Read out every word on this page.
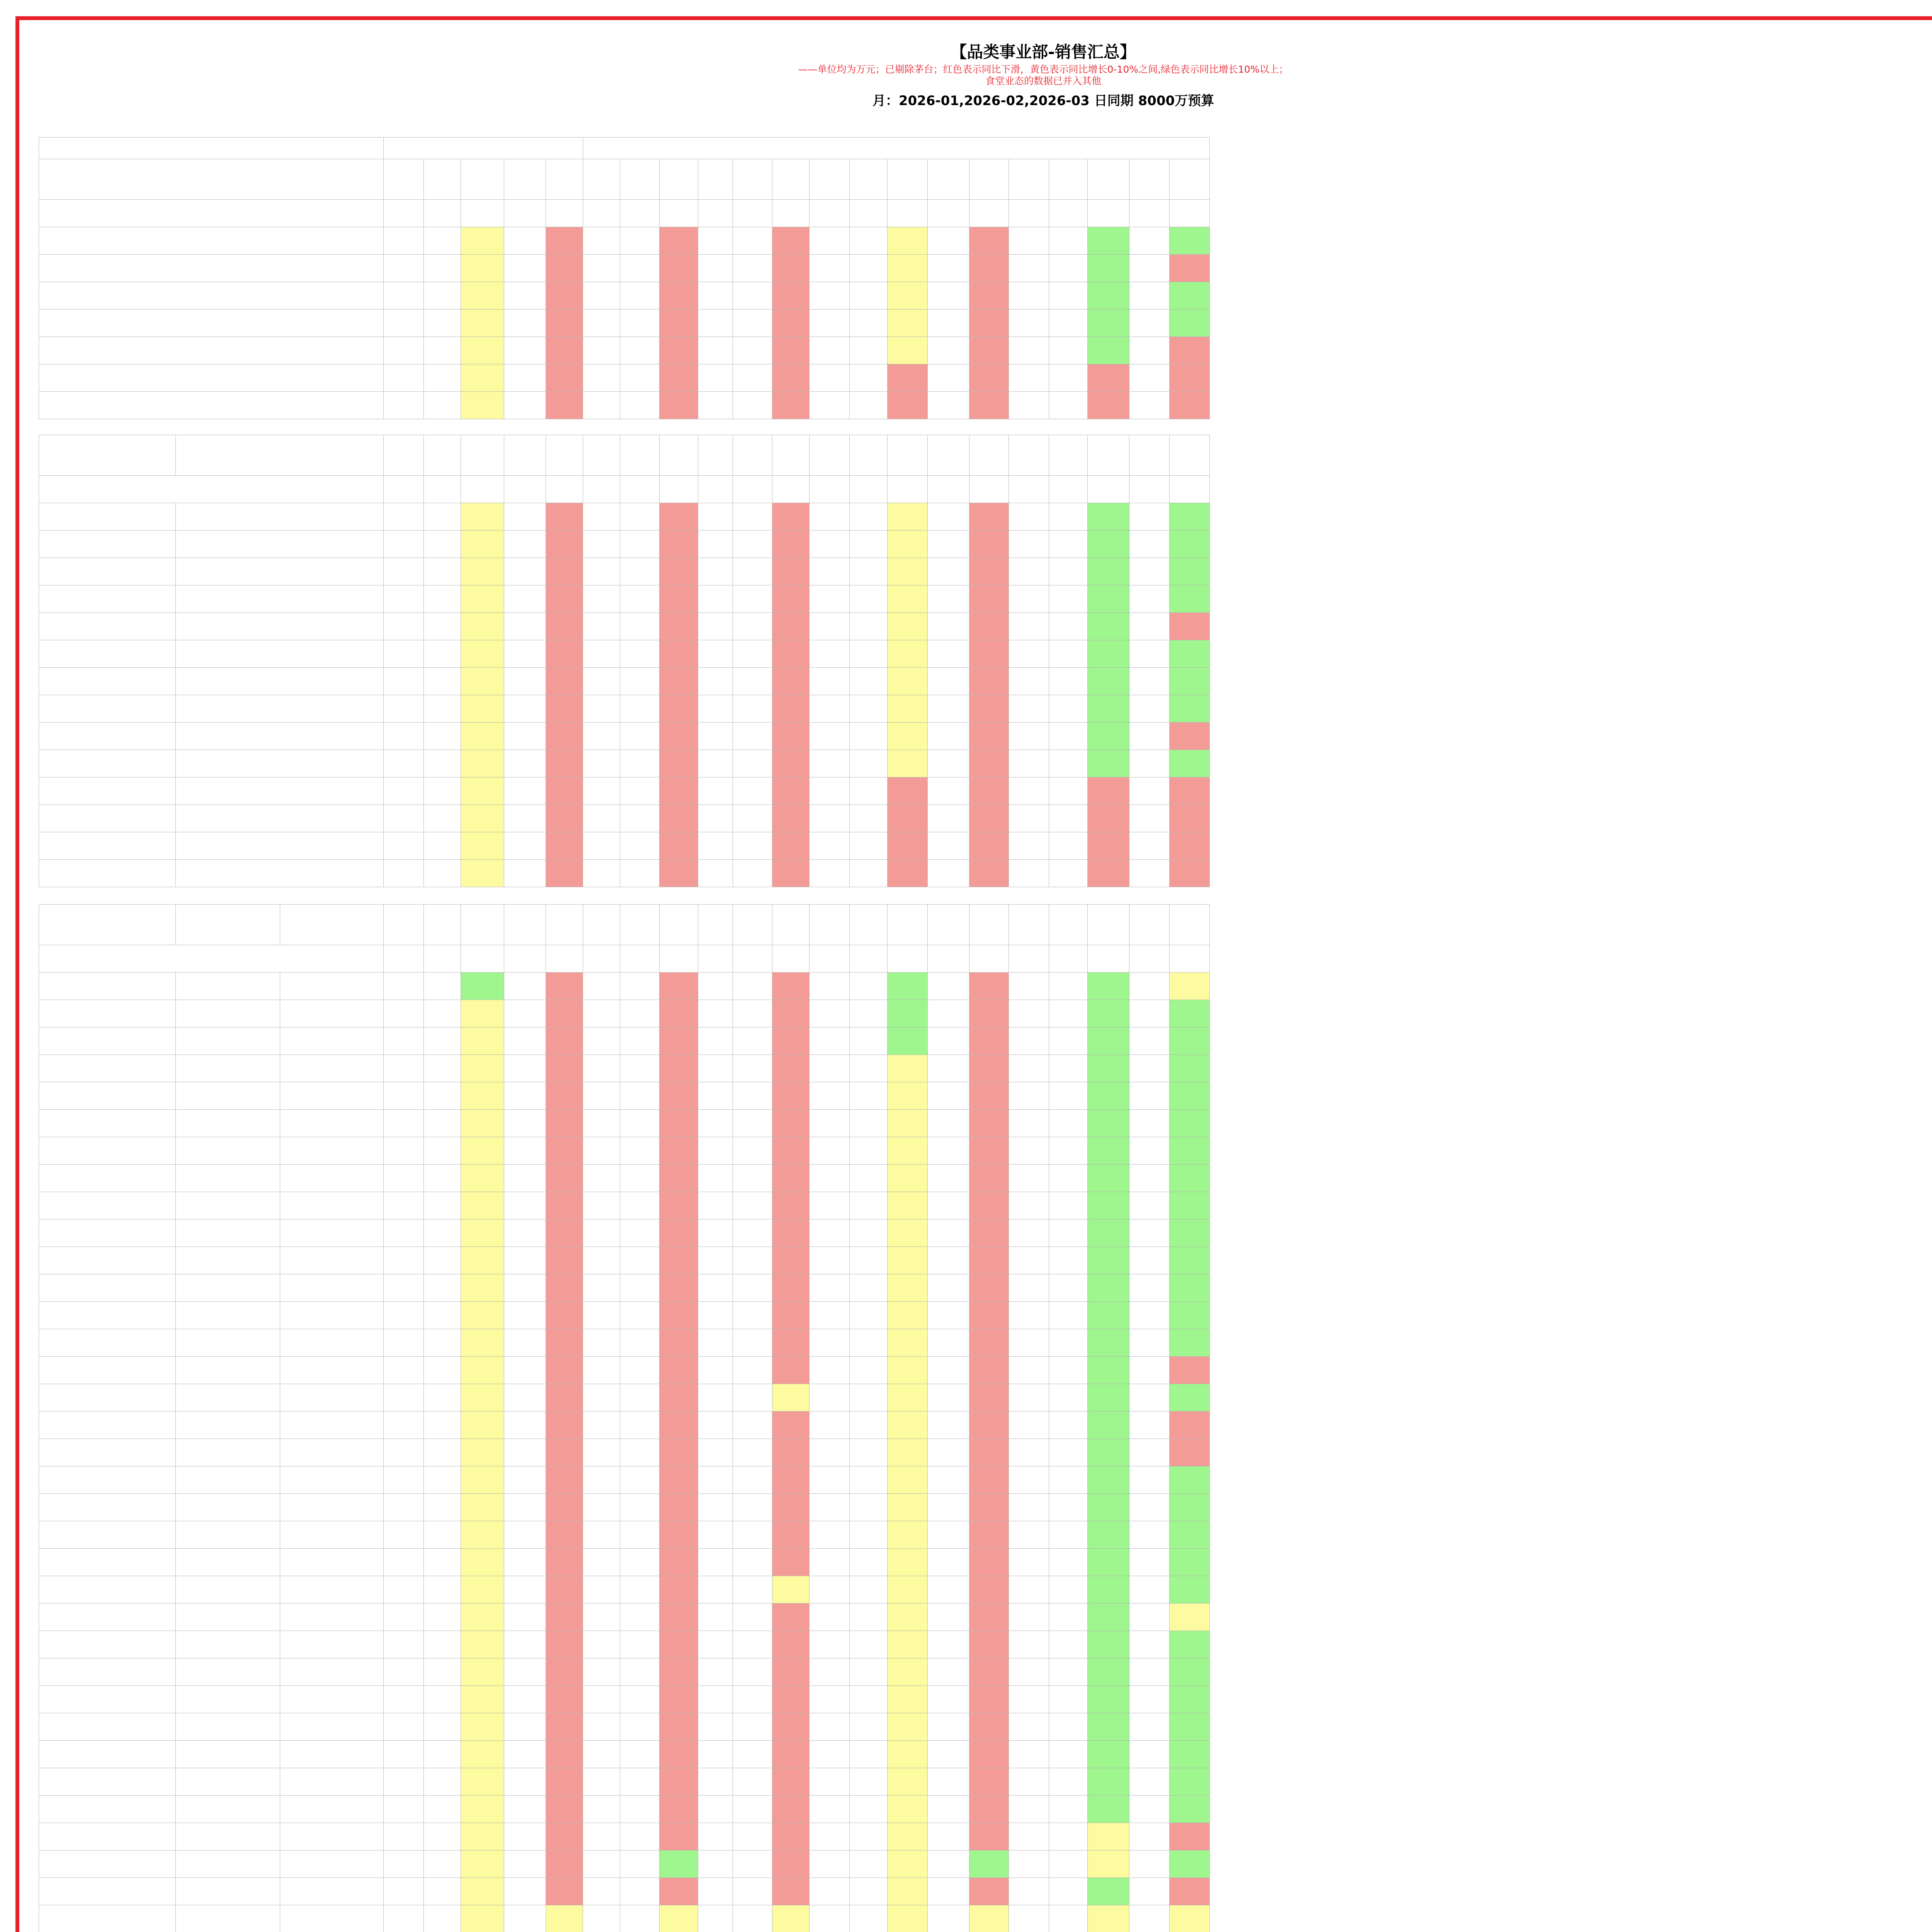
【品类事业部-销售汇总】
——单位均为万元；已剔除茅台；红色表示同比下滑，黄色表示同比增长0-10%之间,绿色表示同比增长10%以上；
食堂业态的数据已并入其他
月：2026-01,2026-02,2026-03 日同期 8000万预算
